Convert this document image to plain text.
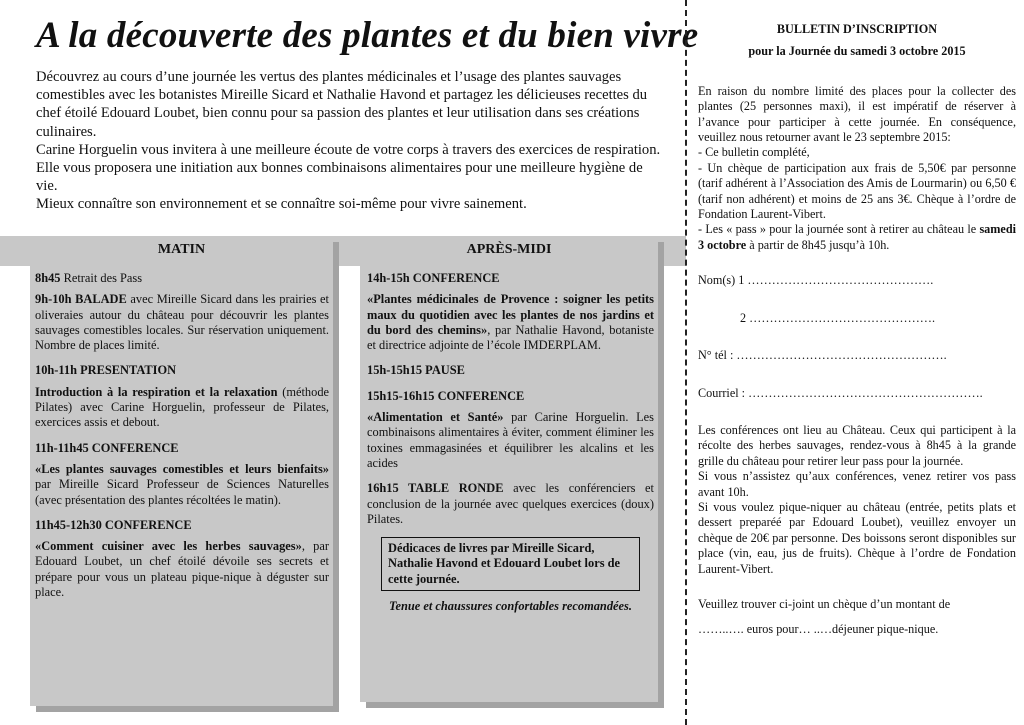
A la découverte des plantes et du bien vivre

Découvrez au cours d’une journée les vertus des plantes médicinales et l’usage des plantes sauvages comestibles avec les botanistes Mireille Sicard et Nathalie Havond et partagez les délicieuses recettes du chef étoilé Edouard Loubet, bien connu pour sa passion des plantes et leur utilisation dans ses créations culinaires.

Carine Horguelin vous invitera à une meilleure écoute de votre corps à travers des exercices de respiration. Elle vous proposera une initiation aux bonnes combinaisons alimentaires pour une meilleure hygiène de vie.

Mieux connaître son environnement et se connaître soi-même pour vivre sainement.

MATIN
8h45 Retrait des Pass
9h-10h BALADE avec Mireille Sicard dans les prairies et oliveraies autour du château pour découvrir les plantes sauvages comestibles locales. Sur réservation uniquement. Nombre de places limité.
10h-11h PRESENTATION
Introduction à la respiration et la relaxation (méthode Pilates) avec Carine Horguelin, professeur de Pilates, exercices assis et debout.
11h-11h45 CONFERENCE
«Les plantes sauvages comestibles et leurs bienfaits» par Mireille Sicard Professeur de Sciences Naturelles (avec présentation des plantes récoltées le matin).
11h45-12h30 CONFERENCE
«Comment cuisiner avec les herbes sauvages», par Edouard Loubet, un chef étoilé dévoile ses secrets et prépare pour vous un plateau pique-nique à déguster sur place.
APRÈS-MIDI
14h-15h CONFERENCE
«Plantes médicinales de Provence : soigner les petits maux du quotidien avec les plantes de nos jardins et du bord des chemins», par Nathalie Havond, botaniste et directrice adjointe de l’école IMDERPLAM.
15h-15h15 PAUSE
15h15-16h15 CONFERENCE
«Alimentation et Santé» par Carine Horguelin. Les combinaisons alimentaires à éviter, comment éliminer les toxines emmagasinées et équilibrer les alcalins et les acides
16h15 TABLE RONDE avec les conférenciers et conclusion de la journée avec quelques exercices (doux) Pilates.
Dédicaces de livres par Mireille Sicard, Nathalie Havond et Edouard Loubet lors de cette journée.
Tenue et chaussures confortables recomandées.
BULLETIN D’INSCRIPTION
pour la Journée du samedi 3 octobre 2015
En raison du nombre limité des places pour la collecter des plantes (25 personnes maxi), il est impératif de réserver à l’avance pour participer à cette journée. En conséquence, veuillez nous retourner avant le 23 septembre 2015:
- Ce bulletin complété,
- Un chèque de participation aux frais de 5,50€ par personne (tarif adhérent à l’Association des Amis de Lourmarin) ou 6,50 € (tarif non adhérent) et moins de 25 ans 3€. Chèque à l’ordre de Fondation Laurent-Vibert.
- Les « pass » pour la journée sont à retirer au château le samedi 3 octobre à partir de 8h45 jusqu’à 10h.
Nom(s) 1 ……………………………………….
2 ……………………………………….
N° tél : …………………………………………….
Courriel : ………………………………………………….
Les conférences ont lieu au Château. Ceux qui participent à la récolte des herbes sauvages, rendez-vous à 8h45 à la grande grille du château pour retirer leur pass pour la journée.
Si vous n’assistez qu’aux conférences, venez retirer vos pass avant 10h.
Si vous voulez pique-niquer au château (entrée, petits plats et dessert preparéé par Edouard Loubet), veuillez envoyer un chèque de 20€ par personne. Des boissons seront disponibles sur place (vin, eau, jus de fruits). Chèque à l’ordre de Fondation Laurent-Vibert.
Veuillez trouver ci-joint un chèque d’un montant de
……..…. euros pour… ..…déjeuner pique-nique.
